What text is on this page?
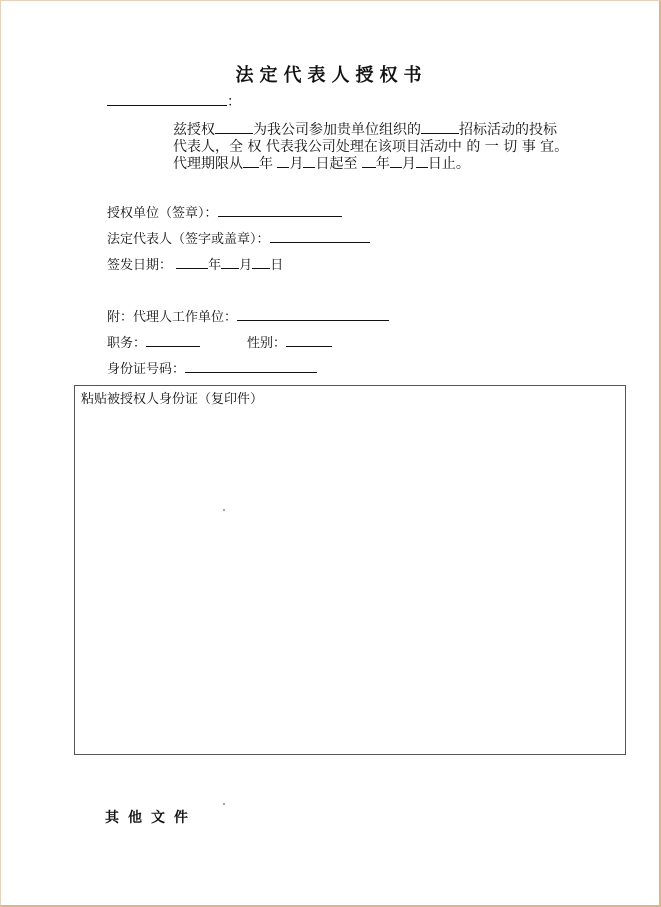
法定代表人授权书
：
兹授权	为我公司参加贵单位组织的	招标活动的投标
代表人，全 权 代表我公司处理在该项目活动中 的 一 切 事 宜。
代理期限从 年 月 日起至 年 月 日止。
授权单位（签章）：
法定代表人（签字或盖章）：
签发日期：	年 月 日
附：代理人工作单位：
职务：	性别：
身份证号码：
粘贴被授权人身份证（复印件）
其他文件
